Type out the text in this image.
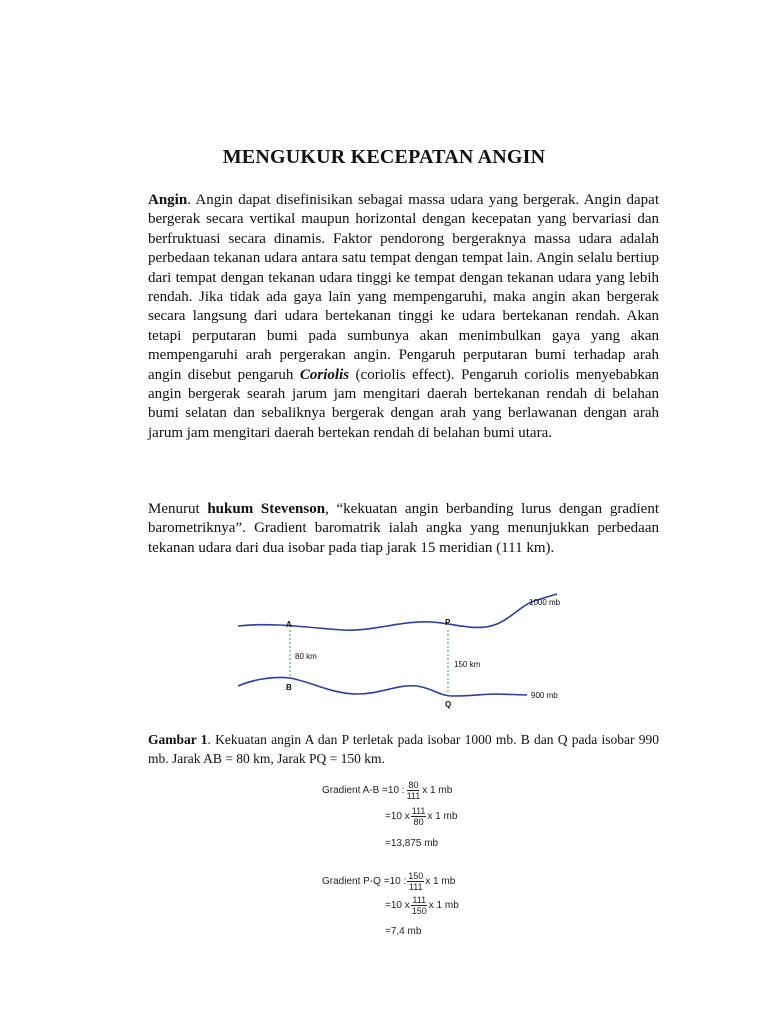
MENGUKUR KECEPATAN ANGIN
Angin. Angin dapat disefinisikan sebagai massa udara yang bergerak. Angin dapat bergerak secara vertikal maupun horizontal dengan kecepatan yang bervariasi dan berfruktuasi secara dinamis. Faktor pendorong bergeraknya massa udara adalah perbedaan tekanan udara antara satu tempat dengan tempat lain. Angin selalu bertiup dari tempat dengan tekanan udara tinggi ke tempat dengan tekanan udara yang lebih rendah. Jika tidak ada gaya lain yang mempengaruhi, maka angin akan bergerak secara langsung dari udara bertekanan tinggi ke udara bertekanan rendah. Akan tetapi perputaran bumi pada sumbunya akan menimbulkan gaya yang akan mempengaruhi arah pergerakan angin. Pengaruh perputaran bumi terhadap arah angin disebut pengaruh Coriolis (coriolis effect). Pengaruh coriolis menyebabkan angin bergerak searah jarum jam mengitari daerah bertekanan rendah di belahan bumi selatan dan sebaliknya bergerak dengan arah yang berlawanan dengan arah jarum jam mengitari daerah bertekan rendah di belahan bumi utara.
Menurut hukum Stevenson, “kekuatan angin berbanding lurus dengan gradient barometriknya”. Gradient baromatrik ialah angka yang menunjukkan perbedaan tekanan udara dari dua isobar pada tiap jarak 15 meridian (111 km).
A	P
B
Q
80 km
150 km
1000 mb
900 mb
Gambar 1. Kekuatan angin A dan P terletak pada isobar 1000 mb. B dan Q pada isobar 990 mb. Jarak AB = 80 km, Jarak PQ = 150 km.
Gradient A-B
=10 : $\frac{80}{111}$ x 1 mb
=10 x $\frac{111}{80}$ x 1 mb
=13,875 mb
Gradient P-Q
=10 : $\frac{150}{111}$ x 1 mb
=10 x $\frac{111}{150}$ x 1 mb
=7,4 mb
